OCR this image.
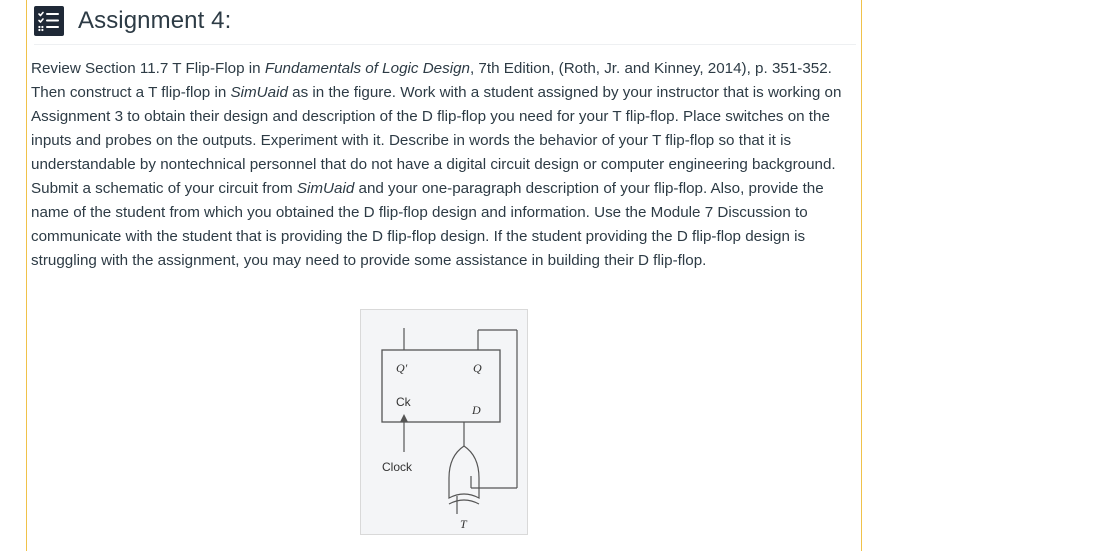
Assignment 4:
Review Section 11.7 T Flip-Flop in Fundamentals of Logic Design, 7th Edition, (Roth, Jr. and Kinney, 2014), p. 351-352. Then construct a T flip-flop in SimUaid as in the figure. Work with a student assigned by your instructor that is working on Assignment 3 to obtain their design and description of the D flip-flop you need for your T flip-flop. Place switches on the inputs and probes on the outputs. Experiment with it. Describe in words the behavior of your T flip-flop so that it is understandable by nontechnical personnel that do not have a digital circuit design or computer engineering background. Submit a schematic of your circuit from SimUaid and your one-paragraph description of your flip-flop. Also, provide the name of the student from which you obtained the D flip-flop design and information. Use the Module 7 Discussion to communicate with the student that is providing the D flip-flop design. If the student providing the D flip-flop design is struggling with the assignment, you may need to provide some assistance in building their D flip-flop.
Q′	Q
D
T
Ck
Clock
